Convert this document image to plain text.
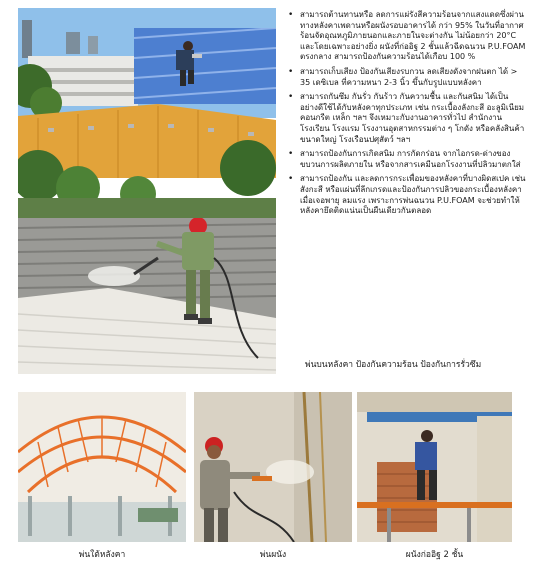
• สามารถต้านทานหรือ ลดการแผ่รังสีความร้อนจากแสงแดดซึ่งผ่านทางหลังคาเพดานหรือผนังรอบอาคารได้ กว่า 95% ในวันที่อากาศร้อนจัดอุณหภูมิภายนอกและภายในจะต่างกัน ไม่น้อยกว่า 20°C และโดยเฉพาะอย่างยิ่ง ผนังที่ก่ออิฐ 2 ชั้นแล้วฉีดฉนวน P.U.FOAM ตรงกลาง สามารถป้องกันความร้อนได้เกือบ 100 %
• สามารถเก็บเสียง ป้องกันเสียงรบกวน ลดเสียงดังจากฝนตก ได้ > 35 เดซิเบล ที่ความหนา 2-3 นิ้ว ขึ้นกับรูปแบบหลังคา
• สามารถกันซึม กันรั่ว กันร้าว กันความชื้น และกันสนิม ได้เป็นอย่างดีใช้ได้กับหลังคาทุกประเภท เช่น กระเบื้องลังกะสี อะลูมิเนียม คอนกรีต เหล็ก ฯลฯ จึงเหมาะกับงานอาคารทั่วไป สำนักงาน โรงเรียน โรงแรม โรงงานอุตสาหกรรมต่าง ๆ โกดัง หรือคลังสินค้าขนาดใหญ่ โรงเรือนปศุสัตว์ ฯลฯ
• สามารถป้องกันการเกิดสนิม การกัดกร่อน จากไอกรด-ด่างของขบวนการผลิตภายใน หรือจากสารเคมีนอกโรงงานที่ปลิวมาตกใส่
• สามารถป้องกัน และลดการกระเพื่อมของหลังคาที่บางผิดสเปค เช่น สังกะสี หรือแผ่นที่ลีกเกรดและป้องกันการปลิวของกระเบื้องหลังคาเมื่อเจอพายุ ลมแรง เพราะการพ่นฉนวน P.U.FOAM จะช่วยทำให้หลังคายึดติดแน่นเป็นผืนเดียวกันตลอด
พ่นบนหลังคา ป้องกันความร้อน ป้องกันการรั่วซึม
พ่นใต้หลังคา	พ่นผนัง	ผนังก่ออิฐ 2 ชั้น
